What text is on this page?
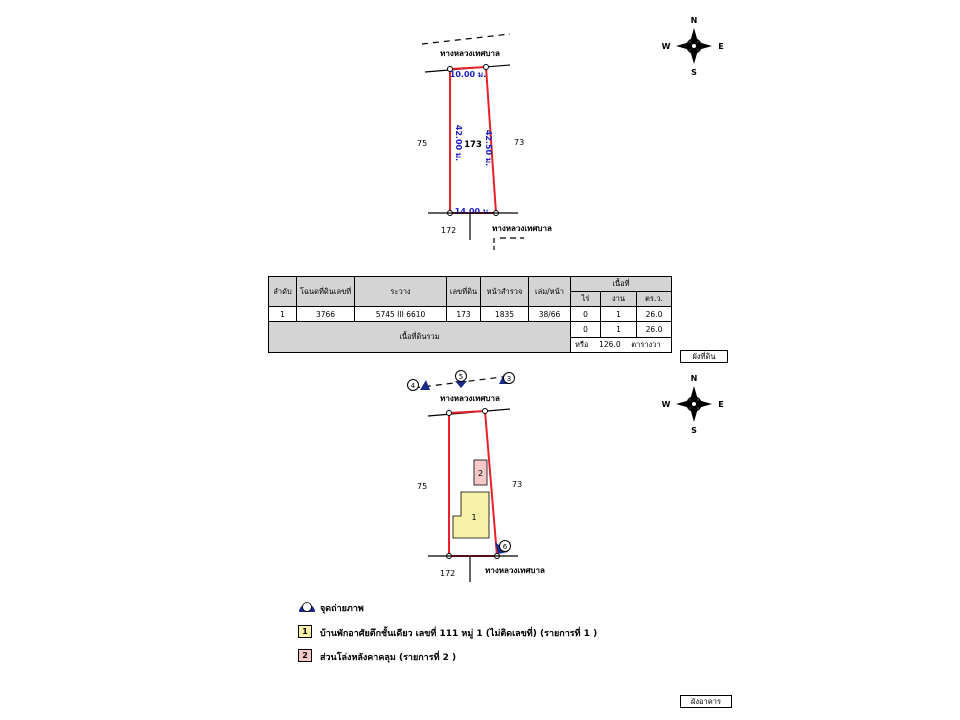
N
S
W	E
ทางหลวงเทศบาล
10.00 ม.
42.00 ม.	42.50 ม.
14.00 ม.
173
ทางหลวงเทศบาล
75	73
172
ลำดับ	โฉนดที่ดินเลขที่	ระวาง	เลขที่ดิน	หน้าสำรวจ	เล่ม/หน้า	เนื้อที่		
						ไร่	งาน	ตร.ว.
1	3766	5745 III 6610	173	1835	38/66	0	1	26.0
เนื้อที่ดินรวม						0	1	26.0
						หรือ 126.0 ตารางวา		
ผังที่ดิน
N
S
W	E
ทางหลวงเทศบาล
2
1
ทางหลวงเทศบาล
4
5	3
6
75	73
172
จุดถ่ายภาพ
1	บ้านพักอาศัยตึกชั้นเดียว เลขที่ 111 หมู่ 1 (ไม่ติดเลขที่) (รายการที่ 1 )
2	ส่วนโล่งหลังคาคลุม (รายการที่ 2 )
ผังอาคาร
